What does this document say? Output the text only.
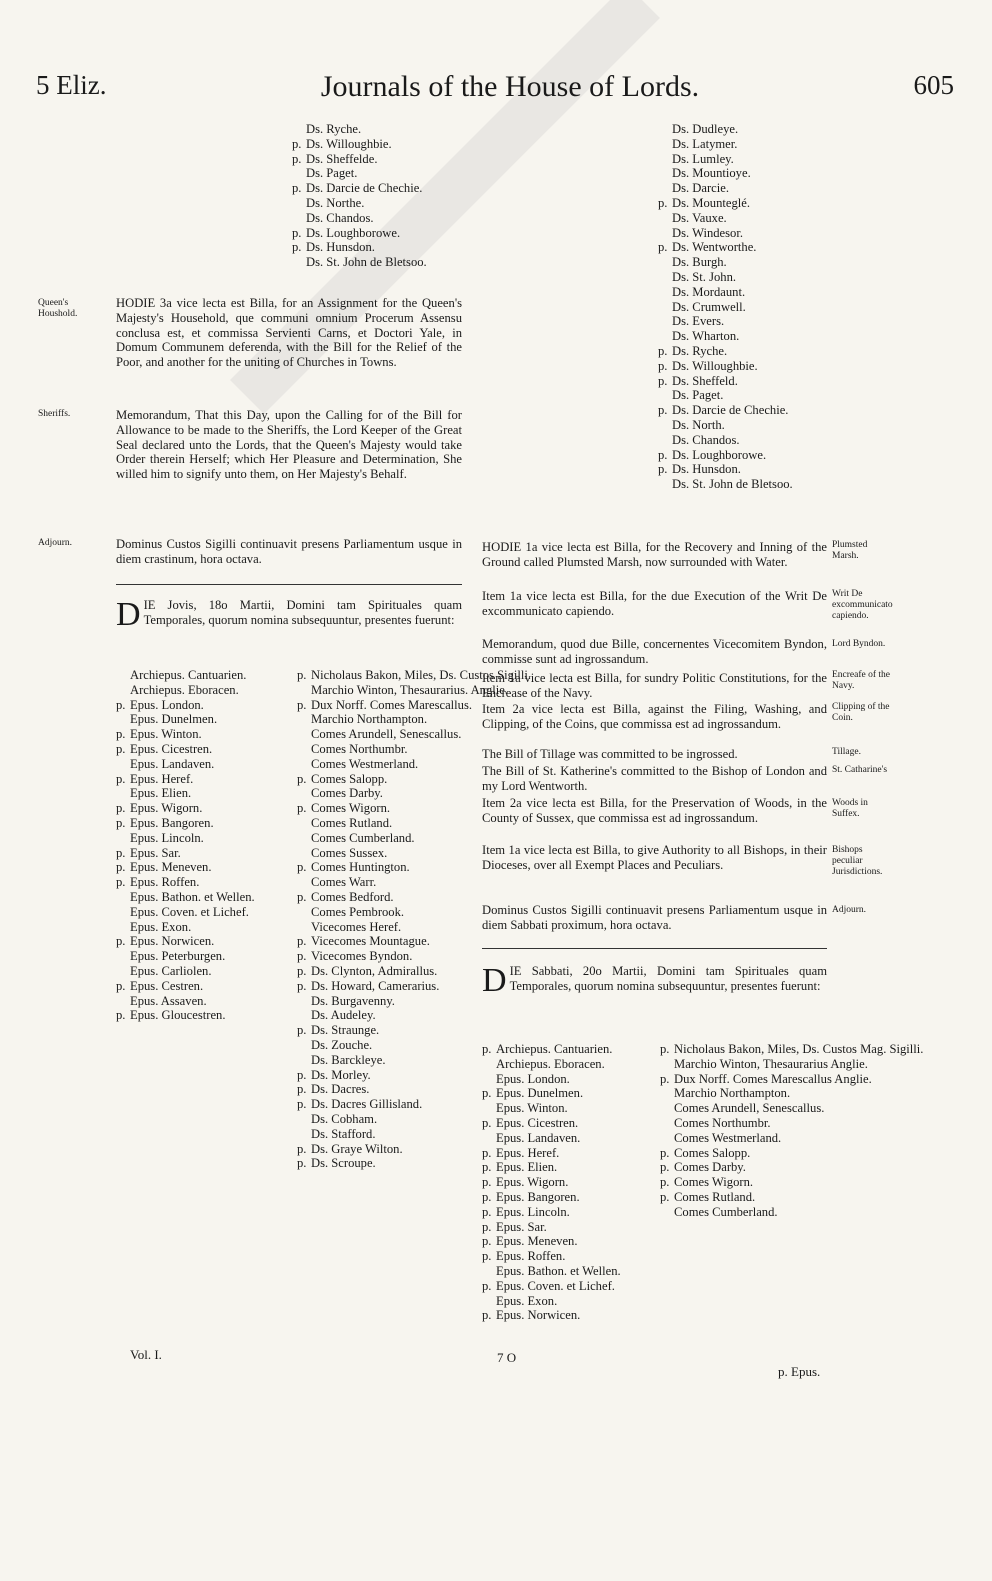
5 Eliz.	Journals of the House of Lords.	605
Queen's Houshold.
Sheriffs.
Adjourn.
Ds. Ryche.
p. Ds. Willoughbie.
p. Ds. Sheffelde.
Ds. Paget.
p. Ds. Darcie de Chechie.
Ds. Northe.
Ds. Chandos.
p. Ds. Loughborowe.
p. Ds. Hunsdon.
Ds. St. John de Bletsoo.

HODIE 3a vice lecta est Billa, for an Assignment for the Queen's Majesty's Household, que communi omnium Procerum Assensu conclusa est, et commissa Servienti Carns, et Doctori Yale, in Domum Communem deferenda, with the Bill for the Relief of the Poor, and another for the uniting of Churches in Towns.

Memorandum, That this Day, upon the Calling for of the Bill for Allowance to be made to the Sheriffs, the Lord Keeper of the Great Seal declared unto the Lords, that the Queen's Majesty would take Order therein Herself; which Her Pleasure and Determination, She willed him to signify unto them, on Her Majesty's Behalf.

Dominus Custos Sigilli continuavit presens Parliamentum usque in diem crastinum, hora octava.

D IE Jovis, 18o Martii, Domini tam Spirituales quam Temporales, quorum nomina subsequuntur, presentes fuerunt:

Archiepus. Cantuarien.
Archiepus. Eboracen.
p. Epus. London.
Epus. Dunelmen.
p. Epus. Winton.
p. Epus. Cicestren.
Epus. Landaven.
p. Epus. Heref.
Epus. Elien.
p. Epus. Wigorn.
p. Epus. Bangoren.
Epus. Lincoln.
p. Epus. Sar.
p. Epus. Meneven.
p. Epus. Roffen.
Epus. Bathon. et Wellen.
Epus. Coven. et Lichef.
Epus. Exon.
p. Epus. Norwicen.
Epus. Peterburgen.
Epus. Carliolen.
p. Epus. Cestren.
Epus. Assaven.
p. Epus. Gloucestren.
p. Nicholaus Bakon, Miles, Ds. Custos Sigilli.
Marchio Winton, Thesaurarius. Anglie.
p. Dux Norff. Comes Marescallus.
Marchio Northampton.
Comes Arundell, Senescallus.
Comes Northumbr.
Comes Westmerland.
p. Comes Salopp.
Comes Darby.
p. Comes Wigorn.
Comes Rutland.
Comes Cumberland.
Comes Sussex.
p. Comes Huntington.
Comes Warr.
p. Comes Bedford.
Comes Pembrook.
Vicecomes Heref.
p. Vicecomes Mountague.
p. Vicecomes Byndon.
p. Ds. Clynton, Admirallus.
p. Ds. Howard, Camerarius.
Ds. Burgavenny.
Ds. Audeley.
p. Ds. Straunge.
Ds. Zouche.
Ds. Barckleye.
p. Ds. Morley.
p. Ds. Dacres.
p. Ds. Dacres Gillisland.
Ds. Cobham.
Ds. Stafford.
p. Ds. Graye Wilton.
p. Ds. Scroupe.
Ds. Dudleye.
Ds. Latymer.
Ds. Lumley.
Ds. Mountioye.
Ds. Darcie.
p. Ds. Mounteglé.
Ds. Vauxe.
Ds. Windesor.
p. Ds. Wentworthe.
Ds. Burgh.
Ds. St. John.
Ds. Mordaunt.
Ds. Crumwell.
Ds. Evers.
Ds. Wharton.
p. Ds. Ryche.
p. Ds. Willoughbie.
p. Ds. Sheffeld.
Ds. Paget.
p. Ds. Darcie de Chechie.
Ds. North.
Ds. Chandos.
p. Ds. Loughborowe.
p. Ds. Hunsdon.
Ds. St. John de Bletsoo.

HODIE 1a vice lecta est Billa, for the Recovery and Inning of the Ground called Plumsted Marsh, now surrounded with Water.

Item 1a vice lecta est Billa, for the due Execution of the Writ De excommunicato capiendo.

Memorandum, quod due Bille, concernentes Vicecomitem Byndon, commisse sunt ad ingrossandum.

Item 1a vice lecta est Billa, for sundry Politic Constitutions, for the Encrease of the Navy.

Item 2a vice lecta est Billa, against the Filing, Washing, and Clipping, of the Coins, que commissa est ad ingrossandum.

The Bill of Tillage was committed to be ingrossed.

The Bill of St. Katherine's committed to the Bishop of London and my Lord Wentworth.

Item 2a vice lecta est Billa, for the Preservation of Woods, in the County of Sussex, que commissa est ad ingrossandum.

Item 1a vice lecta est Billa, to give Authority to all Bishops, in their Dioceses, over all Exempt Places and Peculiars.

Dominus Custos Sigilli continuavit presens Parliamentum usque in diem Sabbati proximum, hora octava.

D IE Sabbati, 20o Martii, Domini tam Spirituales quam Temporales, quorum nomina subsequuntur, presentes fuerunt:

Plumsted Marsh.
Writ De excommunicato capiendo.
Lord Byndon.
Encreafe of the Navy.
Clipping of the Coin.
Tillage.
St. Catharine's
Woods in Suffex.
Bishops peculiar Jurisdictions.
Adjourn.
p. Archiepus. Cantuarien.
Archiepus. Eboracen.
Epus. London.
p. Epus. Dunelmen.
Epus. Winton.
p. Epus. Cicestren.
Epus. Landaven.
p. Epus. Heref.
p. Epus. Elien.
p. Epus. Wigorn.
p. Epus. Bangoren.
p. Epus. Lincoln.
p. Epus. Sar.
p. Epus. Meneven.
p. Epus. Roffen.
Epus. Bathon. et Wellen.
p. Epus. Coven. et Lichef.
Epus. Exon.
p. Epus. Norwicen.
p. Nicholaus Bakon, Miles, Ds. Custos Mag. Sigilli.
Marchio Winton, Thesaurarius Anglie.
p. Dux Norff. Comes Marescallus Anglie.
Marchio Northampton.
Comes Arundell, Senescallus.
Comes Northumbr.
Comes Westmerland.
p. Comes Salopp.
p. Comes Darby.
p. Comes Wigorn.
p. Comes Rutland.
Comes Cumberland.
Vol. I.	7 O
p. Epus.
